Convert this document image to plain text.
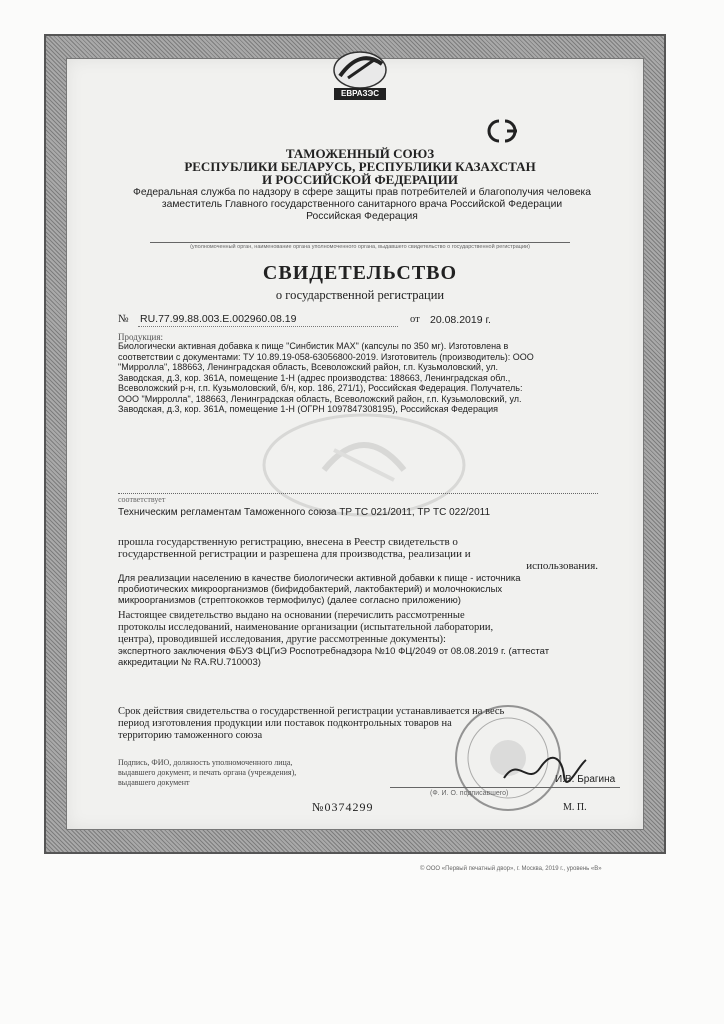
ЕВРАЗЭС
ТАМОЖЕННЫЙ СОЮЗ
РЕСПУБЛИКИ БЕЛАРУСЬ, РЕСПУБЛИКИ КАЗАХСТАН
И РОССИЙСКОЙ ФЕДЕРАЦИИ
Федеральная служба по надзору в сфере защиты прав потребителей и благополучия человека
заместитель Главного государственного санитарного врача Российской Федерации
Российская Федерация
(уполномоченный орган, наименование органа уполномоченного органа, выдавшего свидетельство о государственной регистрации)
СВИДЕТЕЛЬСТВО
о государственной регистрации
№ RU.77.99.88.003.Е.002960.08.19	от 20.08.2019 г.
Продукция:
Биологически активная добавка к пище "Синбистик MAX" (капсулы по 350 мг). Изготовлена в
соответствии с документами: ТУ 10.89.19-058-63056800-2019. Изготовитель (производитель): ООО
"Мирролла", 188663, Ленинградская область, Всеволожский район, г.п. Кузьмоловский, ул.
Заводская, д.3, кор. 361А, помещение 1-Н (адрес производства: 188663, Ленинградская обл.,
Всеволожский р-н, г.п. Кузьмоловский, б/н, кор. 186, 271/1), Российская Федерация. Получатель:
ООО "Мирролла", 188663, Ленинградская область, Всеволожский район, г.п. Кузьмоловский, ул.
Заводская, д.3, кор. 361А, помещение 1-Н (ОГРН 1097847308195), Российская Федерация
соответствует
Техническим регламентам Таможенного союза ТР ТС 021/2011, ТР ТС 022/2011
прошла государственную регистрацию, внесена в Реестр свидетельств о
государственной регистрации и разрешена для производства, реализации и
использования.
Для реализации населению в качестве биологически активной добавки к пище - источника
пробиотических микроорганизмов (бифидобактерий, лактобактерий) и молочнокислых
микроорганизмов (стрептококков термофилус) (далее согласно приложению)
Настоящее свидетельство выдано на основании (перечислить рассмотренные
протоколы исследований, наименование организации (испытательной лаборатории,
центра), проводившей исследования, другие рассмотренные документы):
экспертного заключения ФБУЗ ФЦГиЭ Роспотребнадзора №10 ФЦ/2049 от 08.08.2019 г. (аттестат
аккредитации № RA.RU.710003)
Срок действия свидетельства о государственной регистрации устанавливается на весь
период изготовления продукции или поставок подконтрольных товаров на
территорию таможенного союза
Подпись, ФИО, должность уполномоченного лица,
выдавшего документ, и печать органа (учреждения),
выдавшего документ	И.В. Брагина
(Ф. И. О. подписавшего)
№0374299	М. П.
© ООО «Первый печатный двор», г. Москва, 2019 г., уровень «В»
